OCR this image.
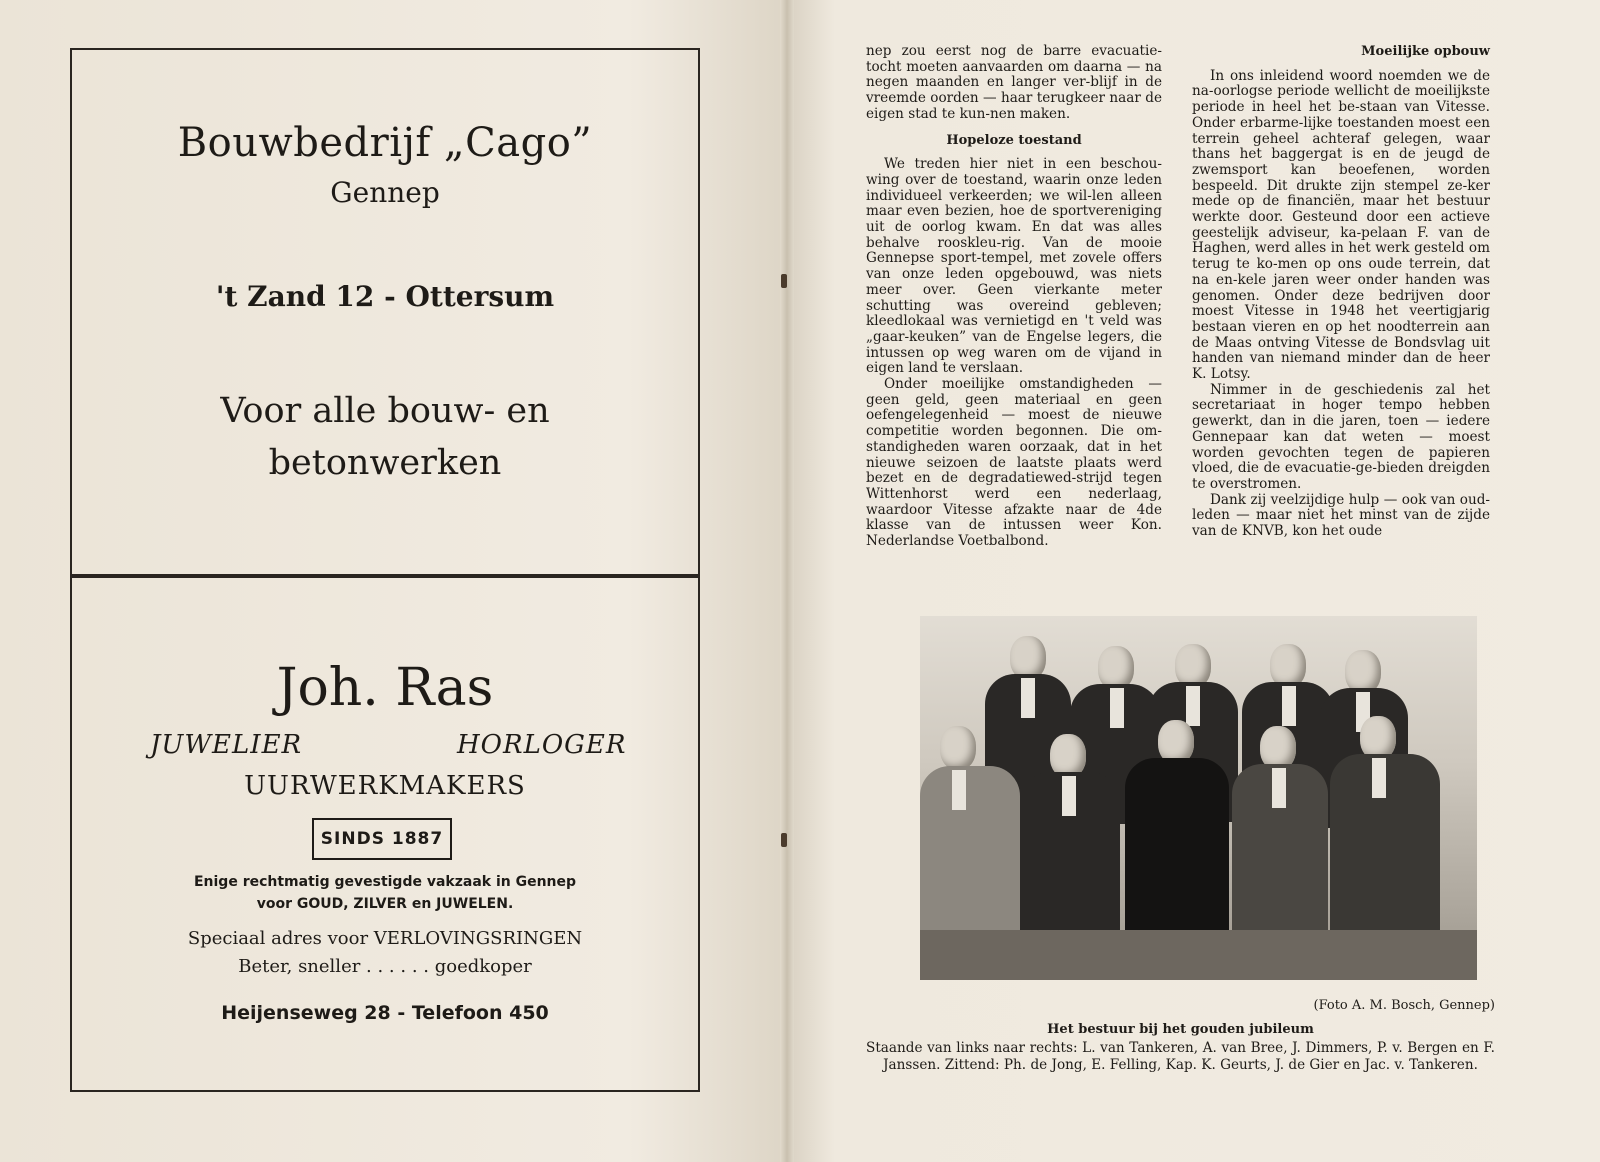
Bouwbedrijf „Cago”
Gennep
't Zand 12 - Ottersum
Voor alle bouw- en
betonwerken
Joh. Ras
JUWELIER	HORLOGER
UURWERKMAKERS
SINDS 1887
Enige rechtmatig gevestigde vakzaak in Gennep
voor GOUD, ZILVER en JUWELEN.
Speciaal adres voor VERLOVINGSRINGEN
Beter, sneller . . . . . . goedkoper
Heijenseweg 28 - Telefoon 450

nep zou eerst nog de barre evacuatie-tocht moeten aanvaarden om daarna — na negen maanden en langer ver-blijf in de vreemde oorden — haar terugkeer naar de eigen stad te kun-nen maken.

Hopeloze toestand

We treden hier niet in een beschou-wing over de toestand, waarin onze leden individueel verkeerden; we wil-len alleen maar even bezien, hoe de sportvereniging uit de oorlog kwam. En dat was alles behalve rooskleu-rig. Van de mooie Gennepse sport-tempel, met zovele offers van onze leden opgebouwd, was niets meer over. Geen vierkante meter schutting was overeind gebleven; kleedlokaal was vernietigd en 't veld was „gaar-keuken” van de Engelse legers, die intussen op weg waren om de vijand in eigen land te verslaan.

Onder moeilijke omstandigheden — geen geld, geen materiaal en geen oefengelegenheid — moest de nieuwe competitie worden begonnen. Die om-standigheden waren oorzaak, dat in het nieuwe seizoen de laatste plaats werd bezet en de degradatiewed-strijd tegen Wittenhorst werd een nederlaag, waardoor Vitesse afzakte naar de 4de klasse van de intussen weer Kon. Nederlandse Voetbalbond.

Moeilijke opbouw

In ons inleidend woord noemden we de na-oorlogse periode wellicht de moeilijkste periode in heel het be-staan van Vitesse. Onder erbarme-lijke toestanden moest een terrein geheel achteraf gelegen, waar thans het baggergat is en de jeugd de zwemsport kan beoefenen, worden bespeeld. Dit drukte zijn stempel ze-ker mede op de financiën, maar het bestuur werkte door. Gesteund door een actieve geestelijk adviseur, ka-pelaan F. van de Haghen, werd alles in het werk gesteld om terug te ko-men op ons oude terrein, dat na en-kele jaren weer onder handen was genomen. Onder deze bedrijven door moest Vitesse in 1948 het veertigjarig bestaan vieren en op het noodterrein aan de Maas ontving Vitesse de Bondsvlag uit handen van niemand minder dan de heer K. Lotsy.

Nimmer in de geschiedenis zal het secretariaat in hoger tempo hebben gewerkt, dan in die jaren, toen — iedere Gennepaar kan dat weten — moest worden gevochten tegen de papieren vloed, die de evacuatie-ge-bieden dreigden te overstromen.

Dank zij veelzijdige hulp — ook van oud-leden — maar niet het minst van de zijde van de KNVB, kon het oude

(Foto A. M. Bosch, Gennep)
Het bestuur bij het gouden jubileum
Staande van links naar rechts: L. van Tankeren, A. van Bree, J. Dimmers, P. v. Bergen en F. Janssen. Zittend: Ph. de Jong, E. Felling, Kap. K. Geurts, J. de Gier en Jac. v. Tankeren.
